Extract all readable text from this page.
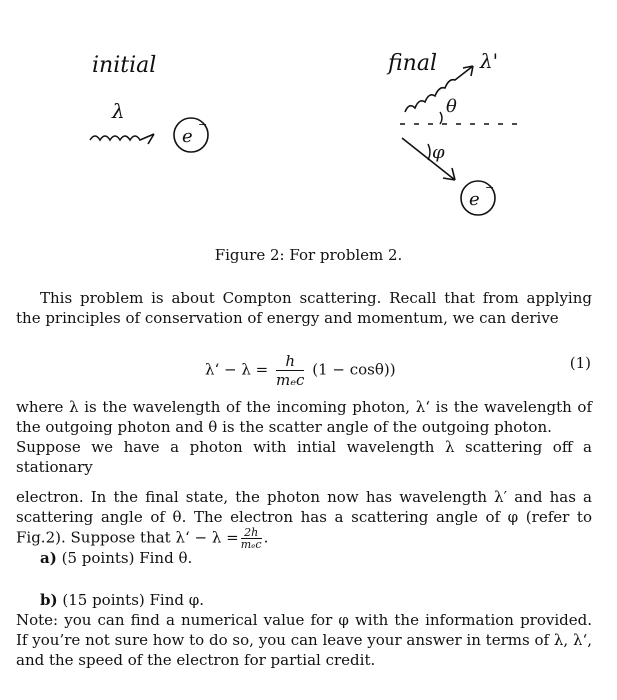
initial
λ
e
−
final λ'
θ
φ
e
−
Figure 2: For problem 2.
This problem is about Compton scattering. Recall that from applying the principles of conservation of energy and momentum, we can derive
λ‘ − $\lambda = \frac{h}{\text{mₑc}} (1 - \cos\theta)$)	(1)
where λ is the wavelength of the incoming photon, λ‘ is the wavelength of the outgoing photon and θ is the scatter angle of the outgoing photon.
Suppose we have a photon with intial wavelength λ scattering off a stationary
electron. In the final state, the photon now has wavelength λ′ and has a scattering angle of θ. The electron has a scattering angle of φ (refer to Fig.2). Suppose that λ‘ − $\lambda = \frac{2h}{\text{mₑc}}$ .
a) (5 points) Find θ.
b) (15 points) Find φ.
Note: you can find a numerical value for φ with the information provided. If you’re not sure how to do so, you can leave your answer in terms of λ, λ‘, and the speed of the electron for partial credit.
